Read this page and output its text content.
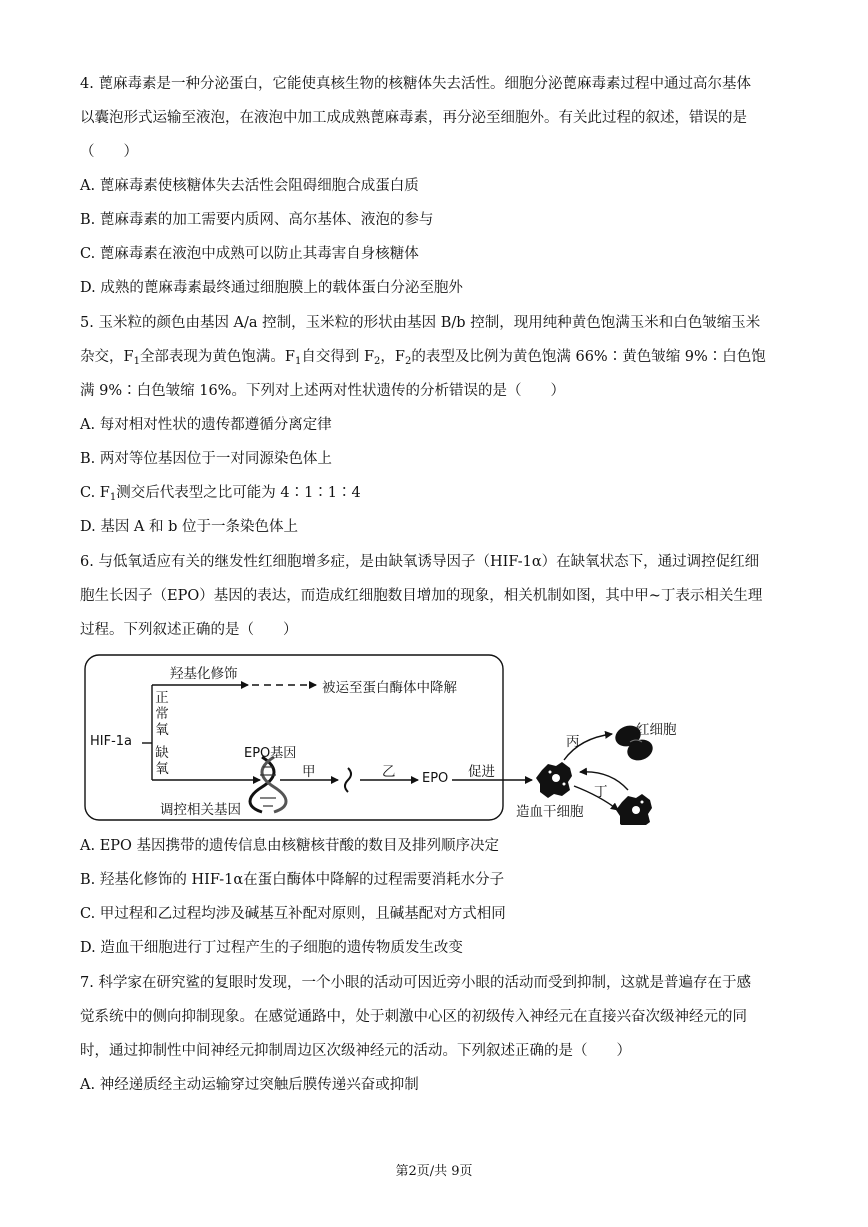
4. 蓖麻毒素是一种分泌蛋白，它能使真核生物的核糖体失去活性。细胞分泌蓖麻毒素过程中通过高尔基体
以囊泡形式运输至液泡，在液泡中加工成成熟蓖麻毒素，再分泌至细胞外。有关此过程的叙述，错误的是
（　　）
A. 蓖麻毒素使核糖体失去活性会阻碍细胞合成蛋白质
B. 蓖麻毒素的加工需要内质网、高尔基体、液泡的参与
C. 蓖麻毒素在液泡中成熟可以防止其毒害自身核糖体
D. 成熟的蓖麻毒素最终通过细胞膜上的载体蛋白分泌至胞外
5. 玉米粒的颜色由基因 A/a 控制，玉米粒的形状由基因 B/b 控制，现用纯种黄色饱满玉米和白色皱缩玉米
杂交，$F_1$全部表现为黄色饱满。$F_1$自交得到 $F_2$，$F_2$的表型及比例为黄色饱满 66%∶黄色皱缩 9%∶白色饱
满 9%∶白色皱缩 16%。下列对上述两对性状遗传的分析错误的是（　　）
A. 每对相对性状的遗传都遵循分离定律
B. 两对等位基因位于一对同源染色体上
C. $F_1$测交后代表型之比可能为 4∶1∶1∶4
D. 基因 A 和 b 位于一条染色体上
6. 与低氧适应有关的继发性红细胞增多症，是由缺氧诱导因子（HIF-1α）在缺氧状态下，通过调控促红细
胞生长因子（EPO）基因的表达，而造成红细胞数目增加的现象，相关机制如图，其中甲~丁表示相关生理
过程。下列叙述正确的是（　　）
羟基化修饰
被运至蛋白酶体中降解
HIF-1a
正常氧
缺氧
EPO基因
甲	乙 EPO 促进
调控相关基因
丙
红细胞
丁
造血干细胞
A. EPO 基因携带的遗传信息由核糖核苷酸的数目及排列顺序决定
B. 羟基化修饰的 HIF-1α在蛋白酶体中降解的过程需要消耗水分子
C. 甲过程和乙过程均涉及碱基互补配对原则，且碱基配对方式相同
D. 造血干细胞进行丁过程产生的子细胞的遗传物质发生改变
7. 科学家在研究鲨的复眼时发现，一个小眼的活动可因近旁小眼的活动而受到抑制，这就是普遍存在于感
觉系统中的侧向抑制现象。在感觉通路中，处于刺激中心区的初级传入神经元在直接兴奋次级神经元的同
时，通过抑制性中间神经元抑制周边区次级神经元的活动。下列叙述正确的是（　　）
A. 神经递质经主动运输穿过突触后膜传递兴奋或抑制
第2页/共 9页
